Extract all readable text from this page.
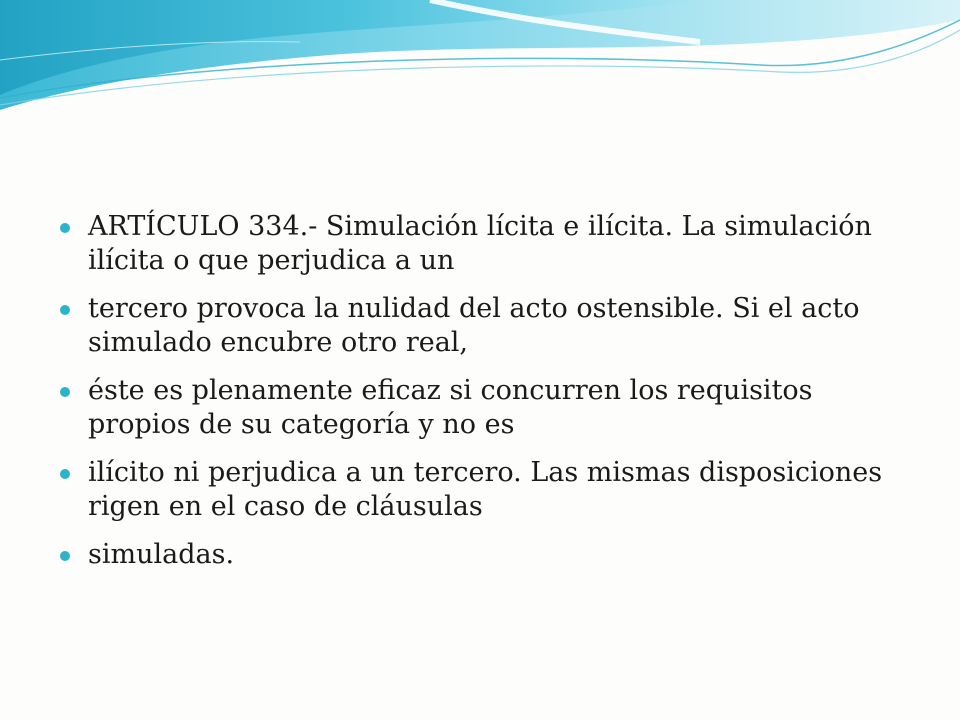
ARTÍCULO 334.- Simulación lícita e ilícita. La simulación ilícita o que perjudica a un
tercero provoca la nulidad del acto ostensible. Si el acto simulado encubre otro real,
éste es plenamente eficaz si concurren los requisitos propios de su categoría y no es
ilícito ni perjudica a un tercero. Las mismas disposiciones rigen en el caso de cláusulas
simuladas.
